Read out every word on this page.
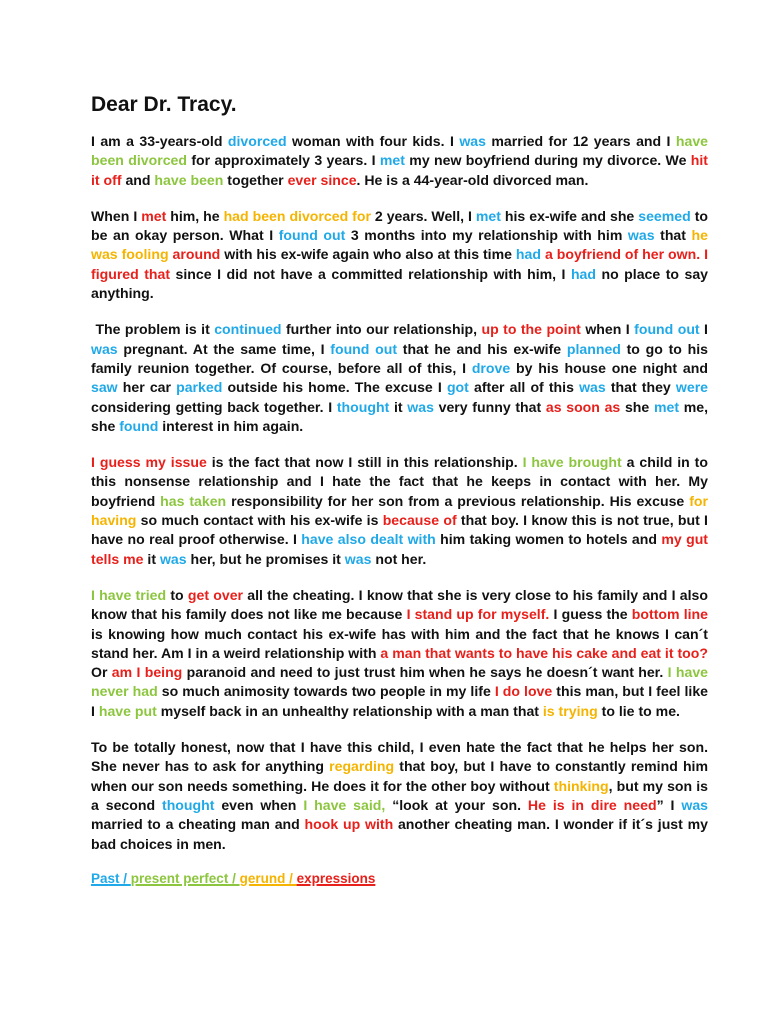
Dear Dr. Tracy.

I am a 33-years-old divorced woman with four kids. I was married for 12 years and I have been divorced for approximately 3 years. I met my new boyfriend during my divorce. We hit it off and have been together ever since. He is a 44-year-old divorced man.

When I met him, he had been divorced for 2 years. Well, I met his ex-wife and she seemed to be an okay person. What I found out 3 months into my relationship with him was that he was fooling around with his ex-wife again who also at this time had a boyfriend of her own. I figured that since I did not have a committed relationship with him, I had no place to say anything.

The problem is it continued further into our relationship, up to the point when I found out I was pregnant. At the same time, I found out that he and his ex-wife planned to go to his family reunion together. Of course, before all of this, I drove by his house one night and saw her car parked outside his home. The excuse I got after all of this was that they were considering getting back together. I thought it was very funny that as soon as she met me, she found interest in him again.

I guess my issue is the fact that now I still in this relationship. I have brought a child in to this nonsense relationship and I hate the fact that he keeps in contact with her. My boyfriend has taken responsibility for her son from a previous relationship. His excuse for having so much contact with his ex-wife is because of that boy. I know this is not true, but I have no real proof otherwise. I have also dealt with him taking women to hotels and my gut tells me it was her, but he promises it was not her.

I have tried to get over all the cheating. I know that she is very close to his family and I also know that his family does not like me because I stand up for myself. I guess the bottom line is knowing how much contact his ex-wife has with him and the fact that he knows I can´t stand her. Am I in a weird relationship with a man that wants to have his cake and eat it too? Or am I being paranoid and need to just trust him when he says he doesn´t want her. I have never had so much animosity towards two people in my life I do love this man, but I feel like I have put myself back in an unhealthy relationship with a man that is trying to lie to me.

To be totally honest, now that I have this child, I even hate the fact that he helps her son. She never has to ask for anything regarding that boy, but I have to constantly remind him when our son needs something. He does it for the other boy without thinking, but my son is a second thought even when I have said, “look at your son. He is in dire need” I was married to a cheating man and hook up with another cheating man. I wonder if it´s just my bad choices in men.

Past / present perfect / gerund / expressions
